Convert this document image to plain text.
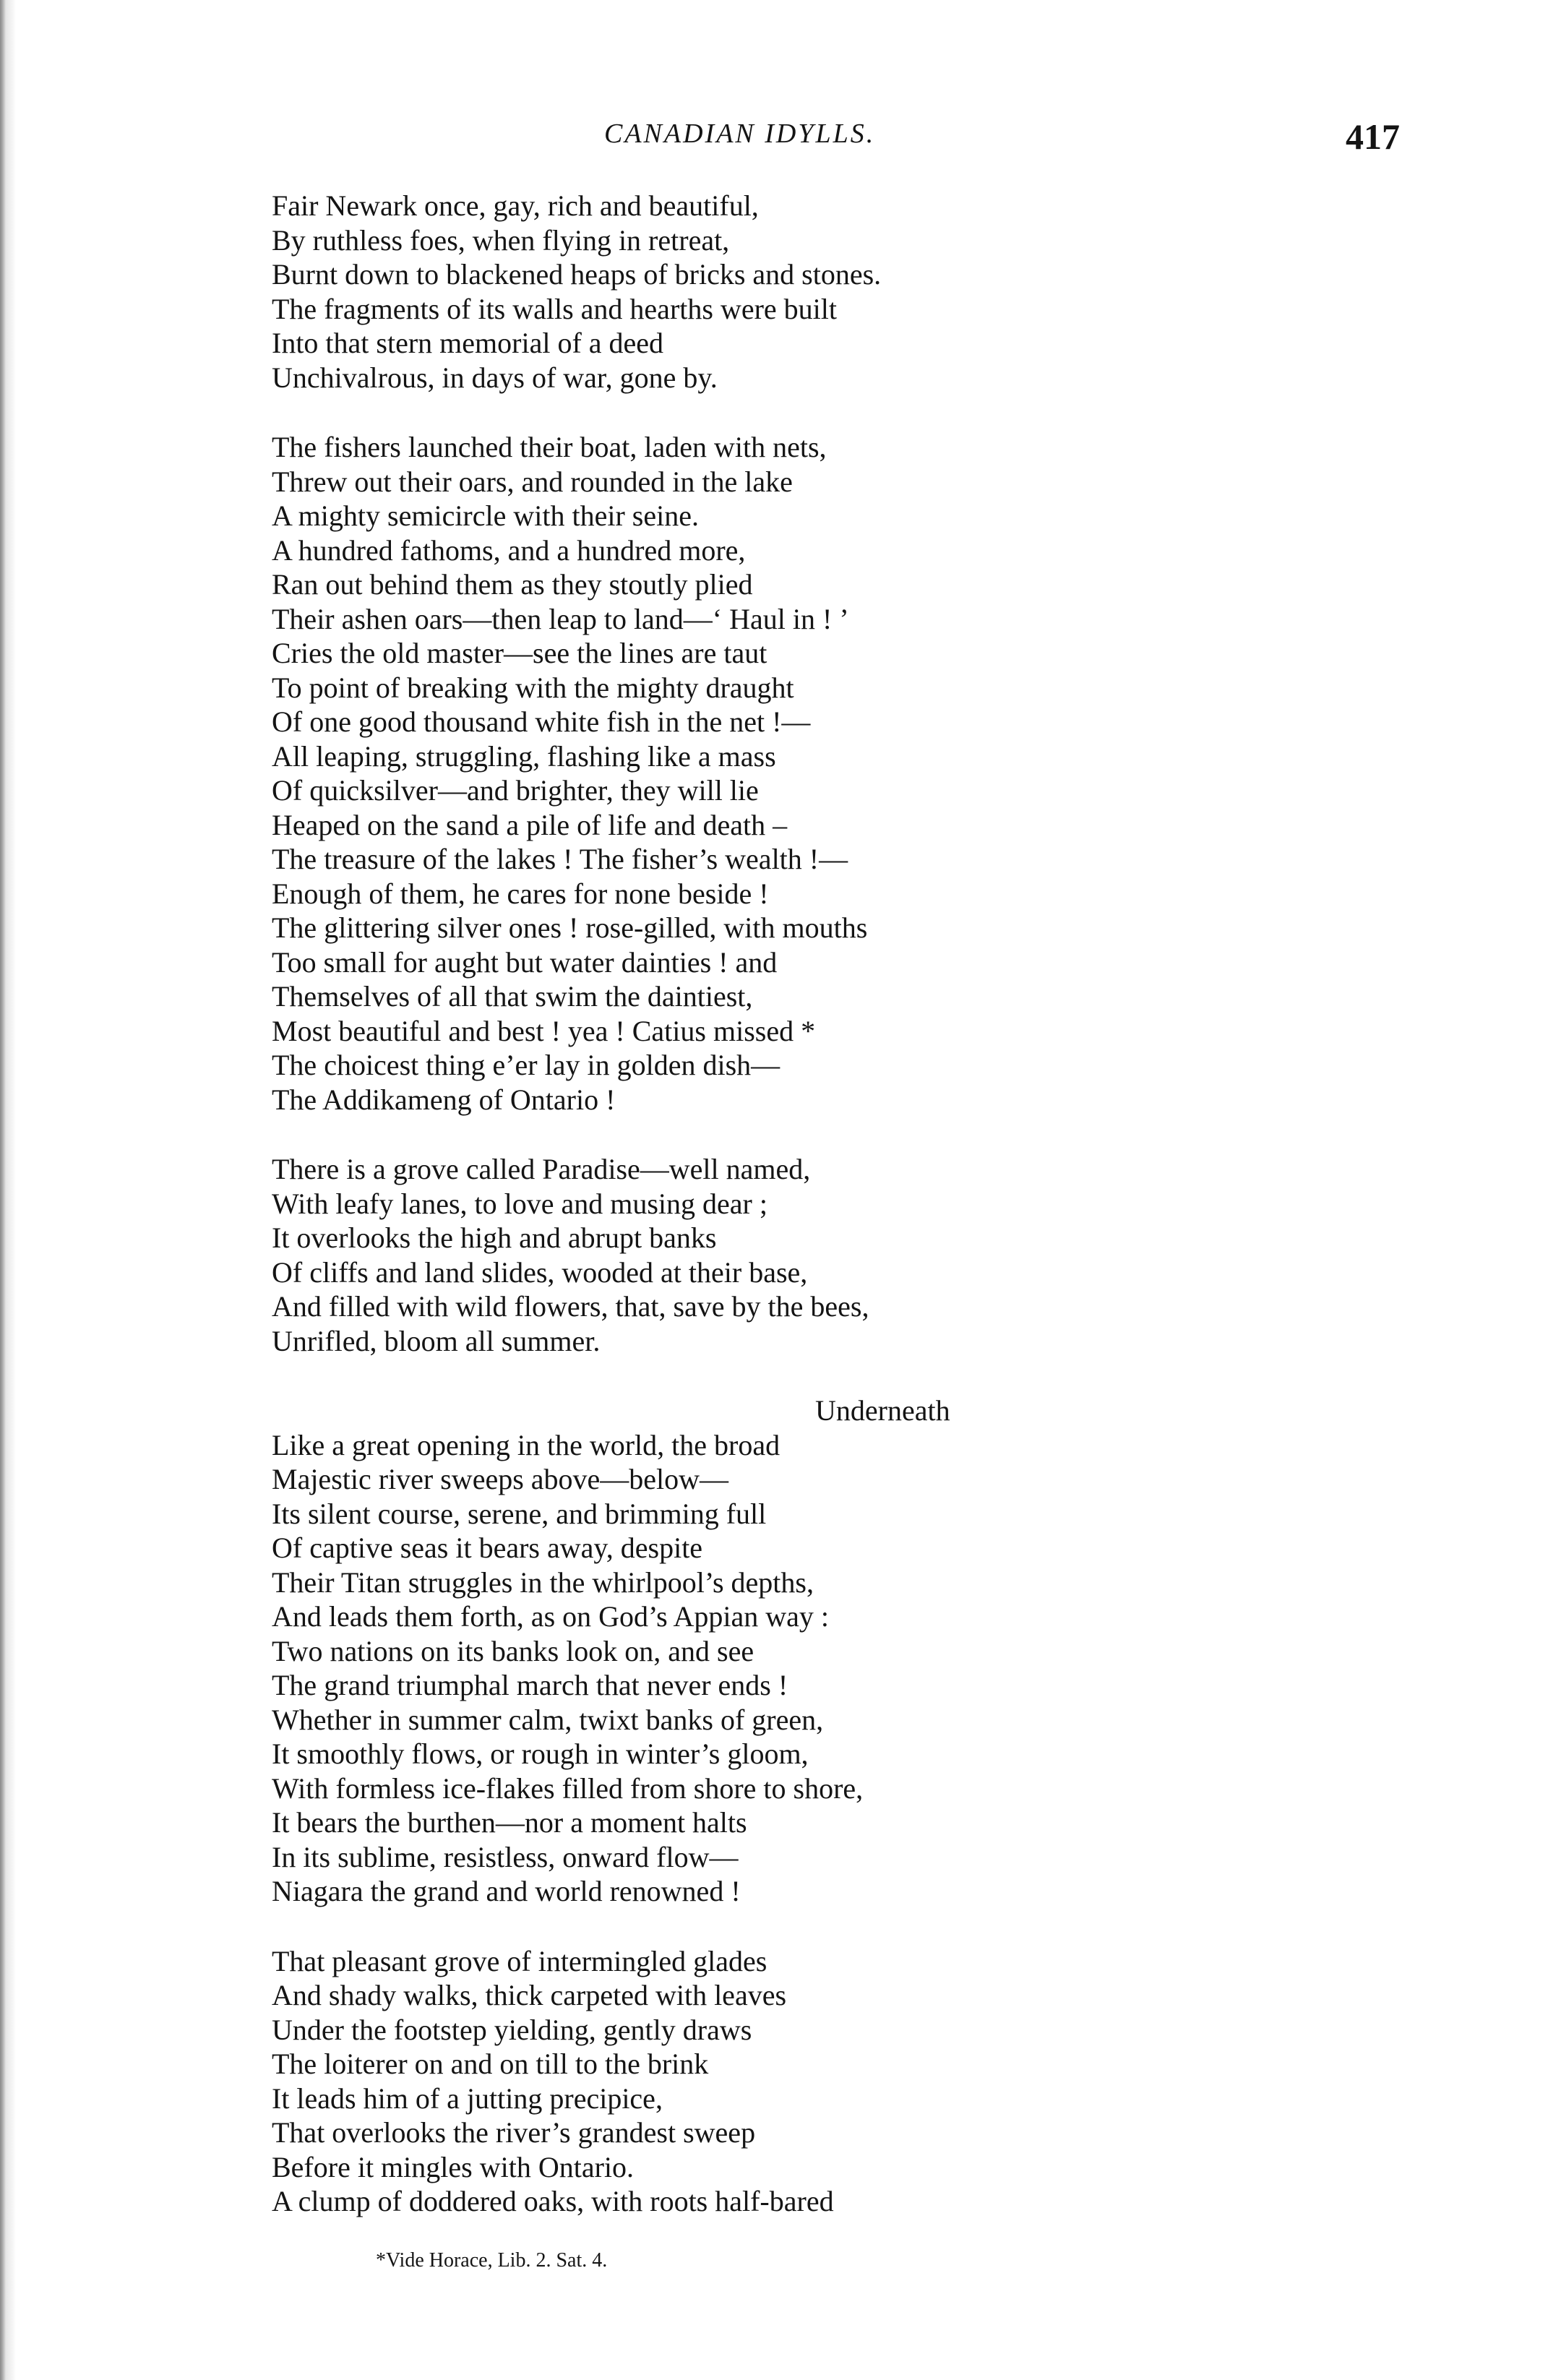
CANADIAN IDYLLS.	417
Fair Newark once, gay, rich and beautiful,
By ruthless foes, when flying in retreat,
Burnt down to blackened heaps of bricks and stones.
The fragments of its walls and hearths were built
Into that stern memorial of a deed
Unchivalrous, in days of war, gone by.
The fishers launched their boat, laden with nets,
Threw out their oars, and rounded in the lake
A mighty semicircle with their seine.
A hundred fathoms, and a hundred more,
Ran out behind them as they stoutly plied
Their ashen oars—then leap to land—‘ Haul in ! ’
Cries the old master—see the lines are taut
To point of breaking with the mighty draught
Of one good thousand white fish in the net !—
All leaping, struggling, flashing like a mass
Of quicksilver—and brighter, they will lie
Heaped on the sand a pile of life and death –
The treasure of the lakes ! The fisher’s wealth !—
Enough of them, he cares for none beside !
The glittering silver ones ! rose-gilled, with mouths
Too small for aught but water dainties ! and
Themselves of all that swim the daintiest,
Most beautiful and best ! yea ! Catius missed *
The choicest thing e’er lay in golden dish—
The Addikameng of Ontario !
There is a grove called Paradise—well named,
With leafy lanes, to love and musing dear ;
It overlooks the high and abrupt banks
Of cliffs and land slides, wooded at their base,
And filled with wild flowers, that, save by the bees,
Unrifled, bloom all summer.
Underneath
Like a great opening in the world, the broad
Majestic river sweeps above—below—
Its silent course, serene, and brimming full
Of captive seas it bears away, despite
Their Titan struggles in the whirlpool’s depths,
And leads them forth, as on God’s Appian way :
Two nations on its banks look on, and see
The grand triumphal march that never ends !
Whether in summer calm, twixt banks of green,
It smoothly flows, or rough in winter’s gloom,
With formless ice-flakes filled from shore to shore,
It bears the burthen—nor a moment halts
In its sublime, resistless, onward flow—
Niagara the grand and world renowned !
That pleasant grove of intermingled glades
And shady walks, thick carpeted with leaves
Under the footstep yielding, gently draws
The loiterer on and on till to the brink
It leads him of a jutting precipice,
That overlooks the river’s grandest sweep
Before it mingles with Ontario.
A clump of doddered oaks, with roots half-bared
*Vide Horace, Lib. 2. Sat. 4.
